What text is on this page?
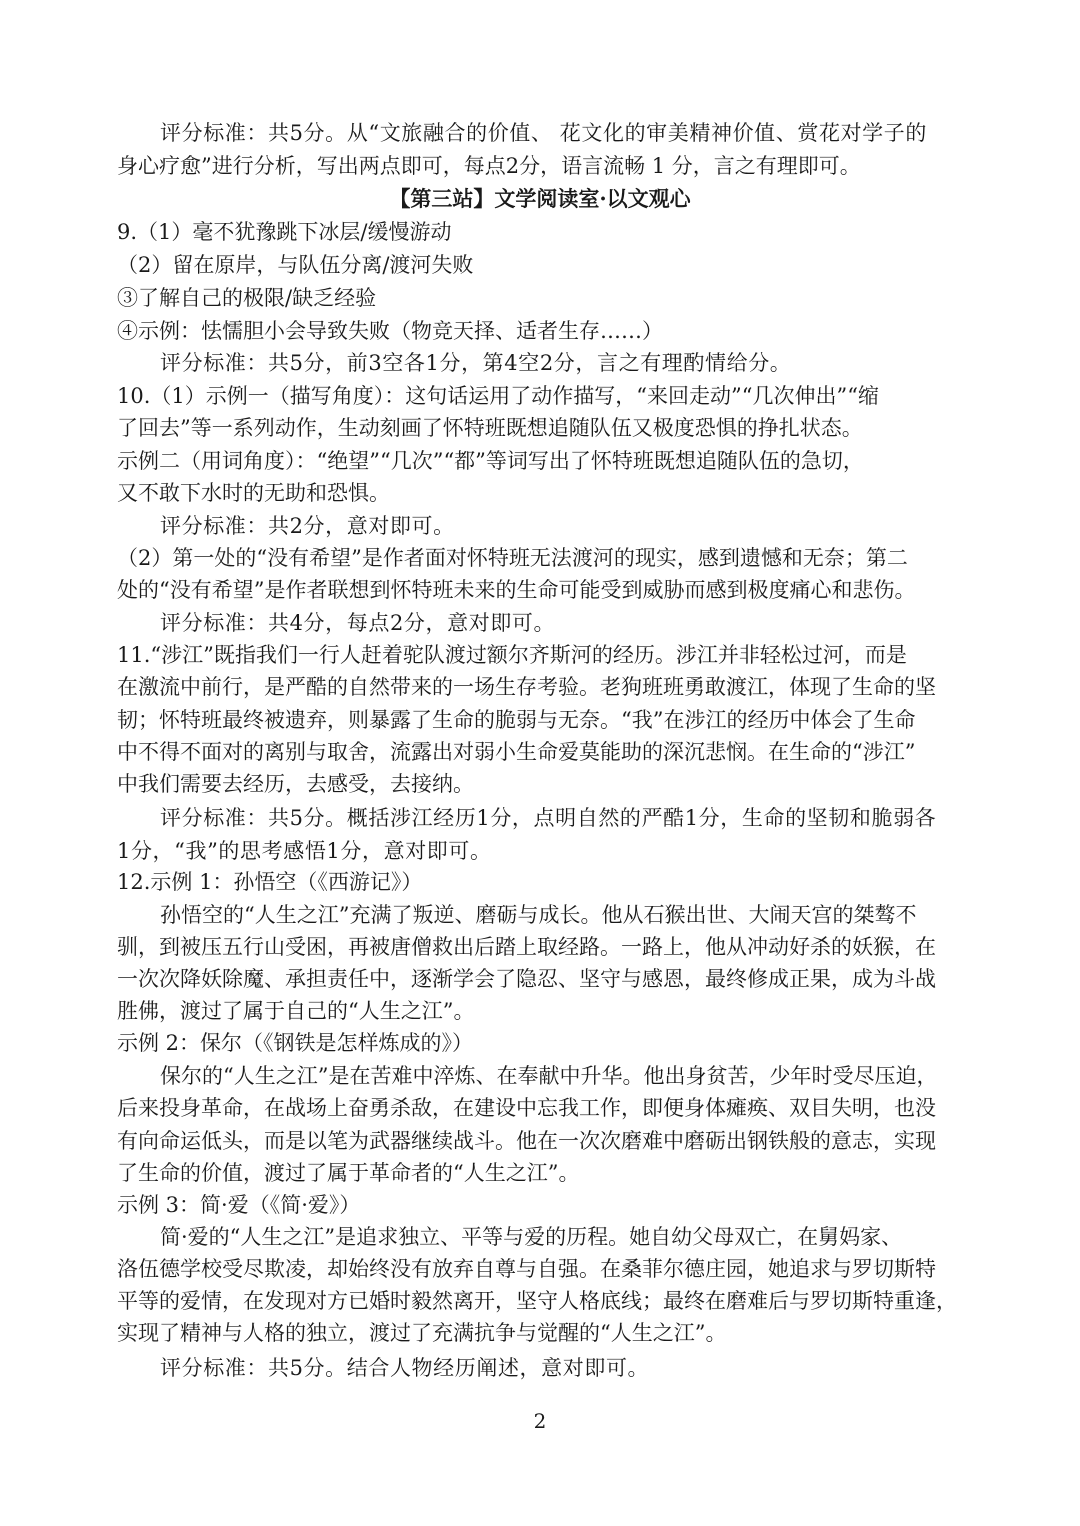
评分标准：共5分。从“文旅融合的价值、 花文化的审美精神价值、赏花对学子的
身心疗愈”进行分析，写出两点即可，每点2分，语言流畅 1 分，言之有理即可。
【第三站】文学阅读室·以文观心
9.（1）毫不犹豫跳下冰层/缓慢游动
（2）留在原岸，与队伍分离/渡河失败
③了解自己的极限/缺乏经验
④示例：怯懦胆小会导致失败（物竞天择、适者生存……）
评分标准：共5分，前3空各1分，第4空2分，言之有理酌情给分。
10.（1）示例一（描写角度）：这句话运用了动作描写，“来回走动”“几次伸出”“缩
了回去”等一系列动作，生动刻画了怀特班既想追随队伍又极度恐惧的挣扎状态。
示例二（用词角度）：“绝望”“几次”“都”等词写出了怀特班既想追随队伍的急切，
又不敢下水时的无助和恐惧。
评分标准：共2分，意对即可。
（2）第一处的“没有希望”是作者面对怀特班无法渡河的现实，感到遗憾和无奈；第二
处的“没有希望”是作者联想到怀特班未来的生命可能受到威胁而感到极度痛心和悲伤。
评分标准：共4分，每点2分，意对即可。
11.“涉江”既指我们一行人赶着驼队渡过额尔齐斯河的经历。涉江并非轻松过河，而是
在激流中前行，是严酷的自然带来的一场生存考验。老狗班班勇敢渡江，体现了生命的坚
韧；怀特班最终被遗弃，则暴露了生命的脆弱与无奈。“我”在涉江的经历中体会了生命
中不得不面对的离别与取舍，流露出对弱小生命爱莫能助的深沉悲悯。在生命的“涉江”
中我们需要去经历，去感受，去接纳。
评分标准：共5分。概括涉江经历1分，点明自然的严酷1分，生命的坚韧和脆弱各
1分，“我”的思考感悟1分，意对即可。
12.示例 1：孙悟空（《西游记》）
孙悟空的“人生之江”充满了叛逆、磨砺与成长。他从石猴出世、大闹天宫的桀骜不
驯，到被压五行山受困，再被唐僧救出后踏上取经路。一路上，他从冲动好杀的妖猴，在
一次次降妖除魔、承担责任中，逐渐学会了隐忍、坚守与感恩，最终修成正果，成为斗战
胜佛，渡过了属于自己的“人生之江”。
示例 2：保尔（《钢铁是怎样炼成的》）
保尔的“人生之江”是在苦难中淬炼、在奉献中升华。他出身贫苦，少年时受尽压迫，
后来投身革命，在战场上奋勇杀敌，在建设中忘我工作，即便身体瘫痪、双目失明，也没
有向命运低头，而是以笔为武器继续战斗。他在一次次磨难中磨砺出钢铁般的意志，实现
了生命的价值，渡过了属于革命者的“人生之江”。
示例 3：简·爱（《简·爱》）
简·爱的“人生之江”是追求独立、平等与爱的历程。她自幼父母双亡，在舅妈家、
洛伍德学校受尽欺凌，却始终没有放弃自尊与自强。在桑菲尔德庄园，她追求与罗切斯特
平等的爱情，在发现对方已婚时毅然离开，坚守人格底线；最终在磨难后与罗切斯特重逢，
实现了精神与人格的独立，渡过了充满抗争与觉醒的“人生之江”。
评分标准：共5分。结合人物经历阐述，意对即可。
2
